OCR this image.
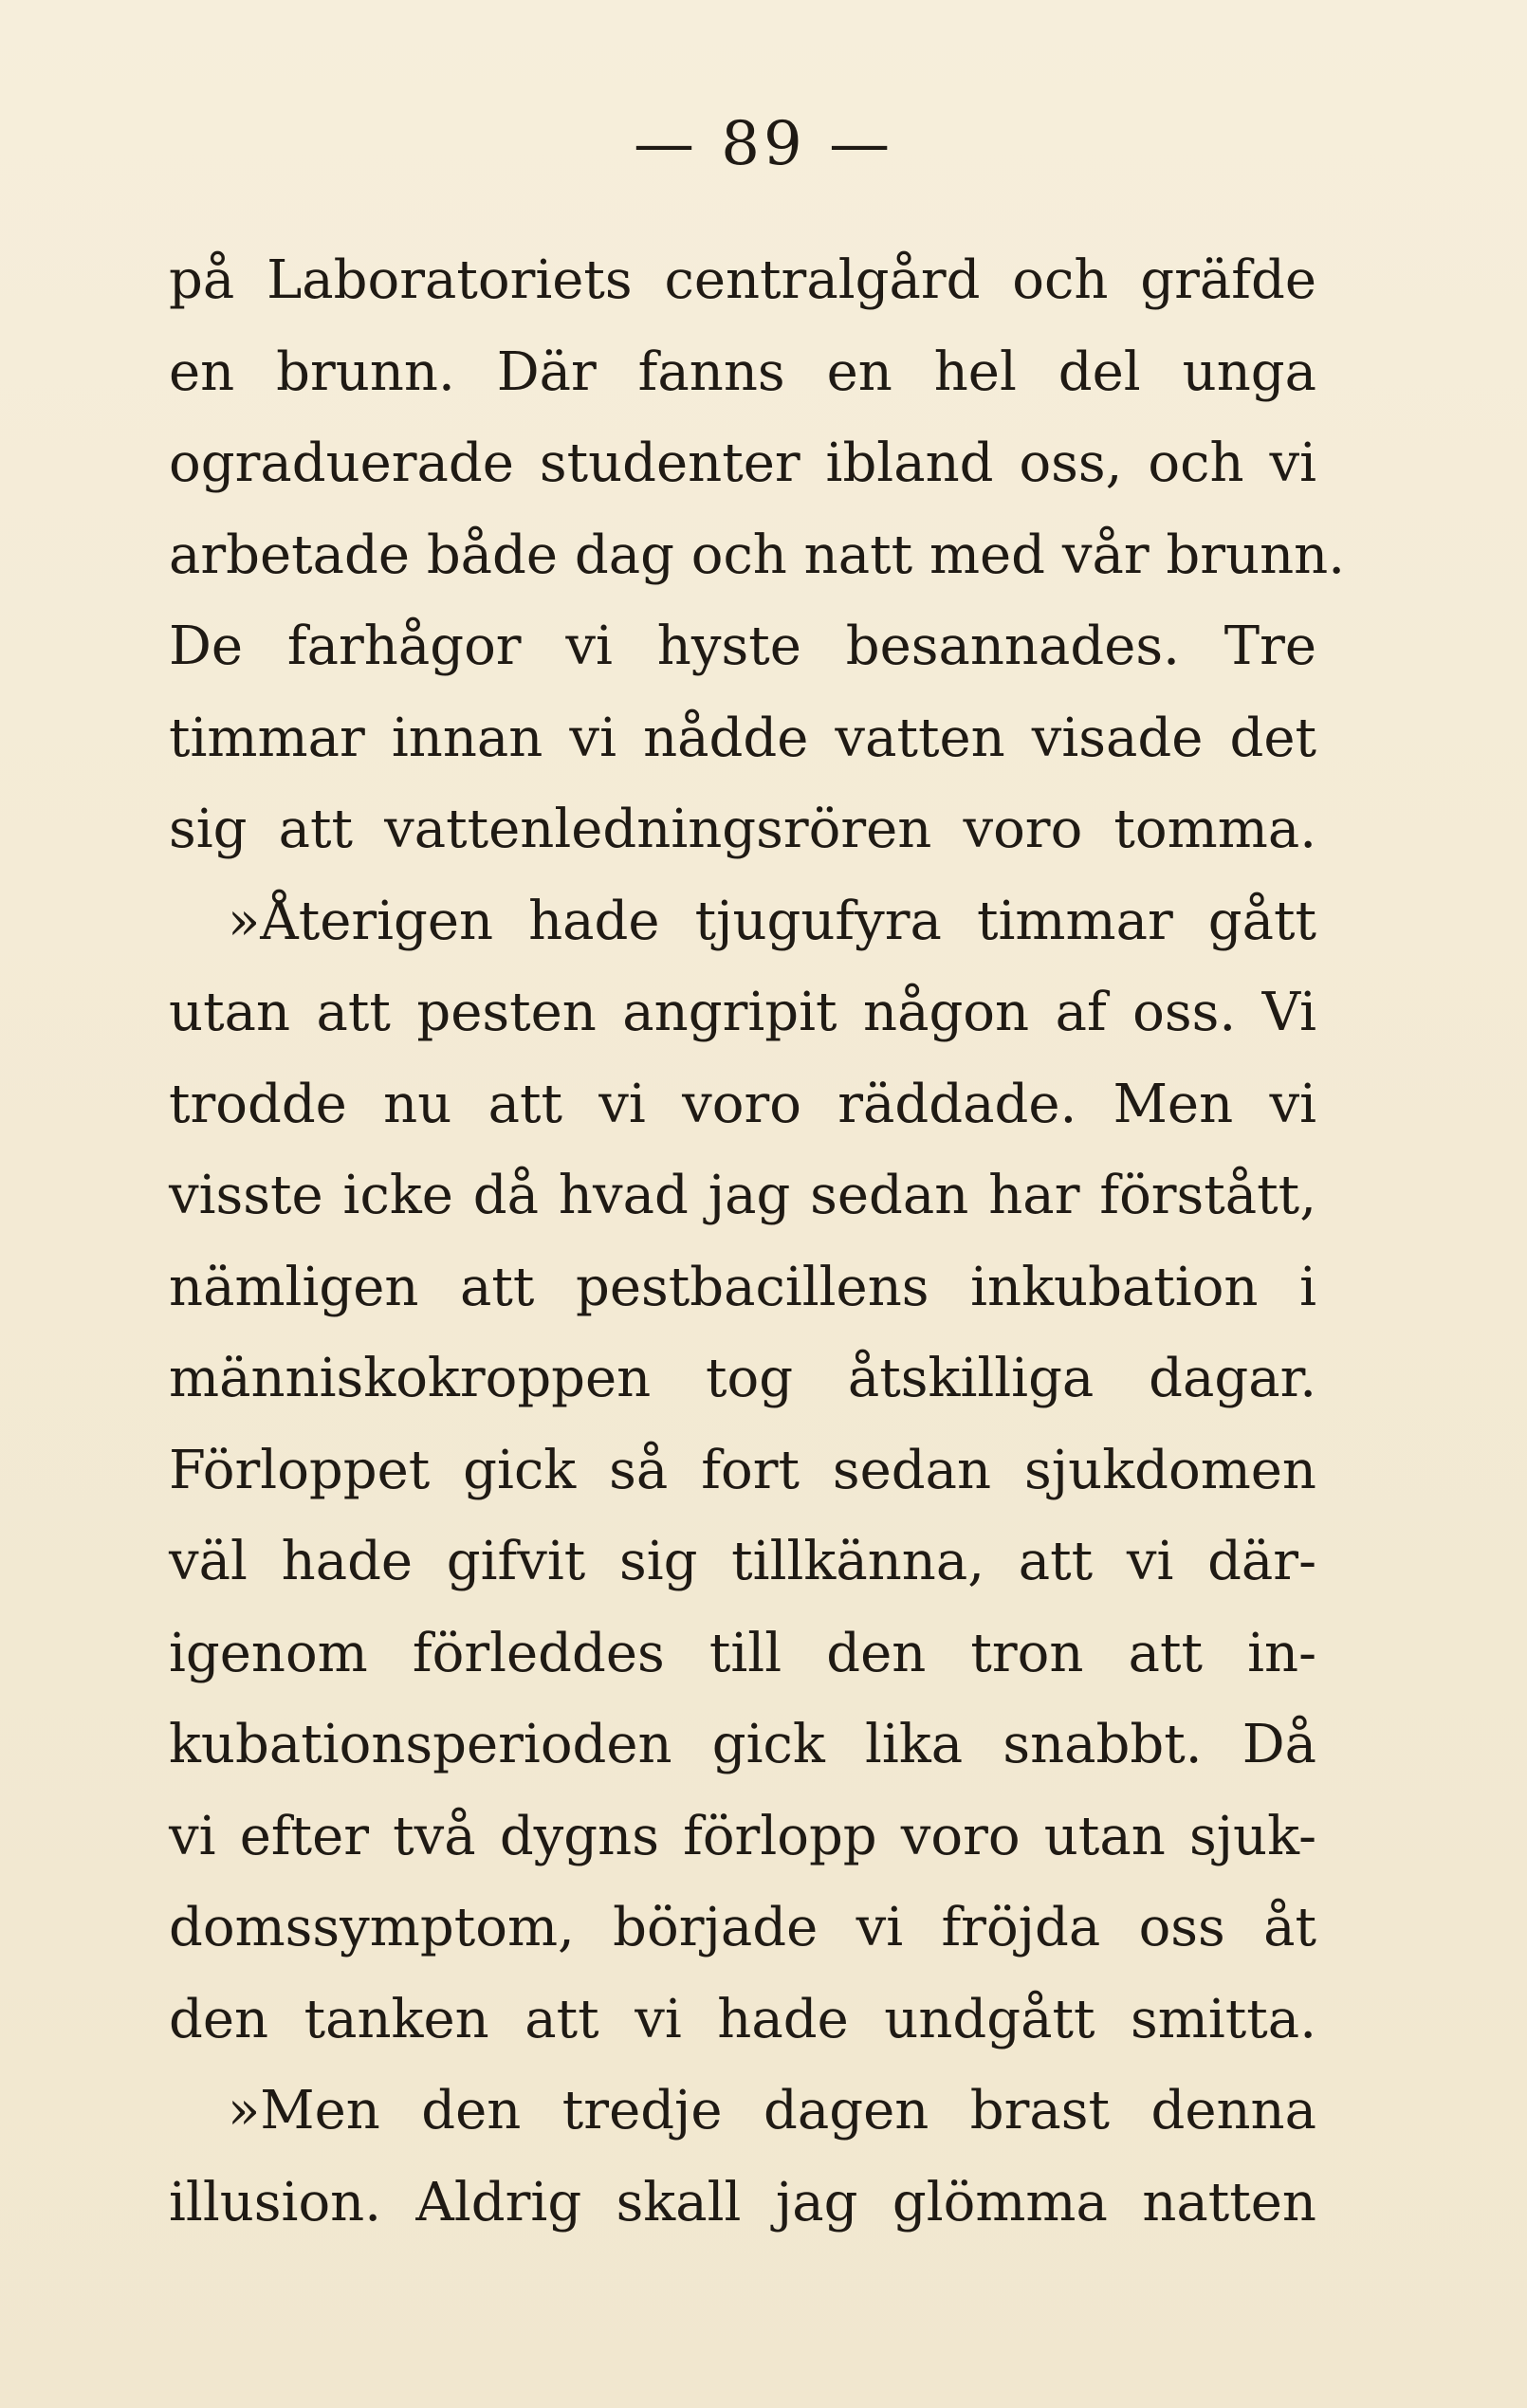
— 89 —
på Laboratoriets centralgård och gräfde
en brunn. Där fanns en hel del unga
ograduerade studenter ibland oss, och vi
arbetade både dag och natt med vår brunn.
De farhågor vi hyste besannades. Tre
timmar innan vi nådde vatten visade det
sig att vattenledningsrören voro tomma.
»Återigen hade tjugufyra timmar gått
utan att pesten angripit någon af oss. Vi
trodde nu att vi voro räddade. Men vi
visste icke då hvad jag sedan har förstått,
nämligen att pestbacillens inkubation i
människokroppen tog åtskilliga dagar.
Förloppet gick så fort sedan sjukdomen
väl hade gifvit sig tillkänna, att vi där-
igenom förleddes till den tron att in-
kubationsperioden gick lika snabbt. Då
vi efter två dygns förlopp voro utan sjuk-
domssymptom, började vi fröjda oss åt
den tanken att vi hade undgått smitta.
»Men den tredje dagen brast denna
illusion. Aldrig skall jag glömma natten
